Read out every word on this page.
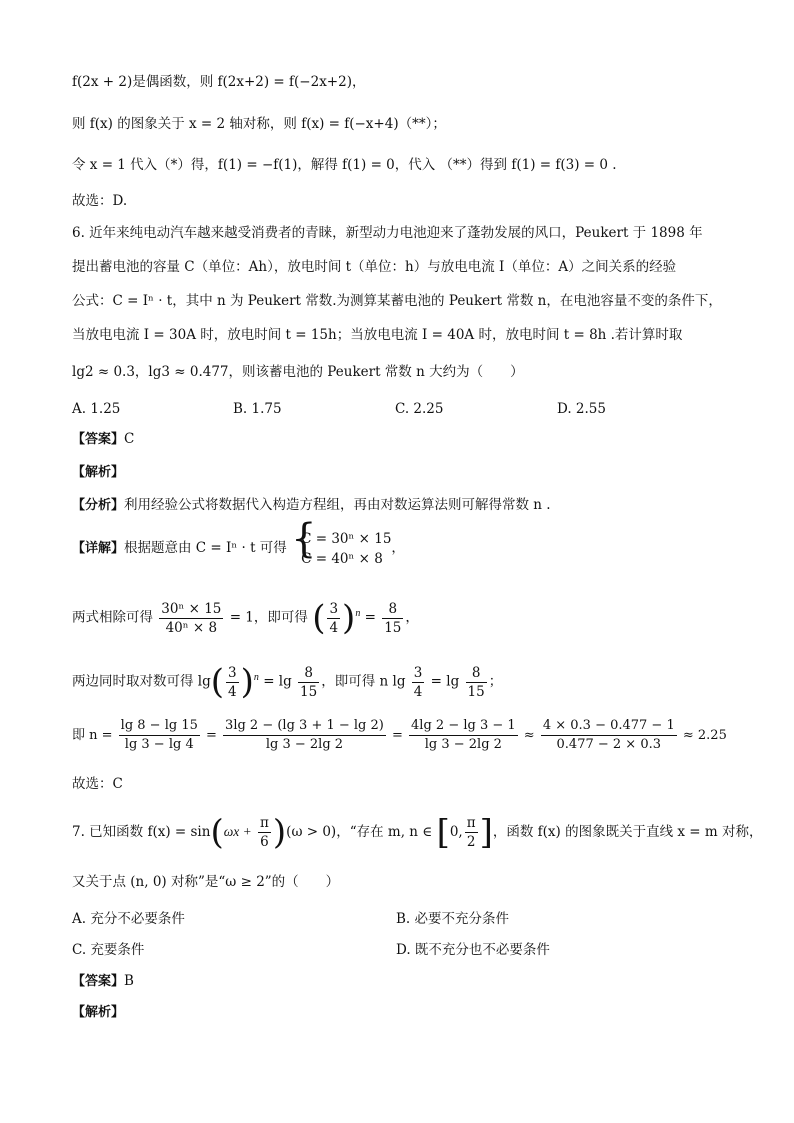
f(2x + 2)是偶函数，则 f(2x+2) = f(−2x+2)，
则 f(x) 的图象关于 x = 2 轴对称，则 f(x) = f(−x+4)（**）；
令 x = 1 代入（*）得，f(1) = −f(1)，解得 f(1) = 0，代入 （**）得到 f(1) = f(3) = 0 .
故选：D.
6. 近年来纯电动汽车越来越受消费者的青睐，新型动力电池迎来了蓬勃发展的风口，Peukert 于 1898 年
提出蓄电池的容量 C（单位：Ah），放电时间 t（单位：h）与放电电流 I（单位：A）之间关系的经验
公式：C = Iⁿ · t，其中 n 为 Peukert 常数.为测算某蓄电池的 Peukert 常数 n，在电池容量不变的条件下，
当放电电流 I = 30A 时，放电时间 t = 15h；当放电电流 I = 40A 时，放电时间 t = 8h .若计算时取
lg2 ≈ 0.3，lg3 ≈ 0.477，则该蓄电池的 Peukert 常数 n 大约为（　　）
A. 1.25	B. 1.75	C. 2.25	D. 2.55
【答案】C
【解析】
【分析】利用经验公式将数据代入构造方程组，再由对数运算法则可解得常数 n .
【详解】根据题意由 C = Iⁿ · t 可得 {
C = 30ⁿ × 15
C = 40ⁿ × 8
，
两式相除可得 $\frac{\text{30ⁿ × 15}}{\text{40ⁿ × 8}} = 1$，即可得 ( $\frac{3}{4} )^n = \frac{8}{15}$ ，
两边同时取对数可得 $\lg( \frac{3}{4} )^n = \lg \frac{8}{15}$ ，即可得 n $\lg \frac{3}{4} = \lg \frac{8}{15}$ ；
即 $n = \frac{\lg 8 - \lg 15}{\lg 3 - \lg 4} = \frac{3\lg 2 - (\lg 3 + 1 - \lg 2)}{\lg 3 - 2\lg 2} = \frac{4\lg 2 - \lg 3 - 1}{\lg 3 - 2\lg 2} \approx \frac{4 \times 0.3 - 0.477 - 1}{0.477 - 2 \times 0.3} \approx 2.25$
故选：C
7. 已知函数 $f(x) = \sin(\omega x + \frac{\pi}{6} )(\omega > 0)$，“存在 m, n ∈ [0, $\frac{\pi}{2}$ ]，函数 f(x) 的图象既关于直线 x = m 对称，
又关于点 (n, 0) 对称”是“ω ≥ 2”的（　　）
A. 充分不必要条件	B. 必要不充分条件
C. 充要条件	D. 既不充分也不必要条件
【答案】B
【解析】
